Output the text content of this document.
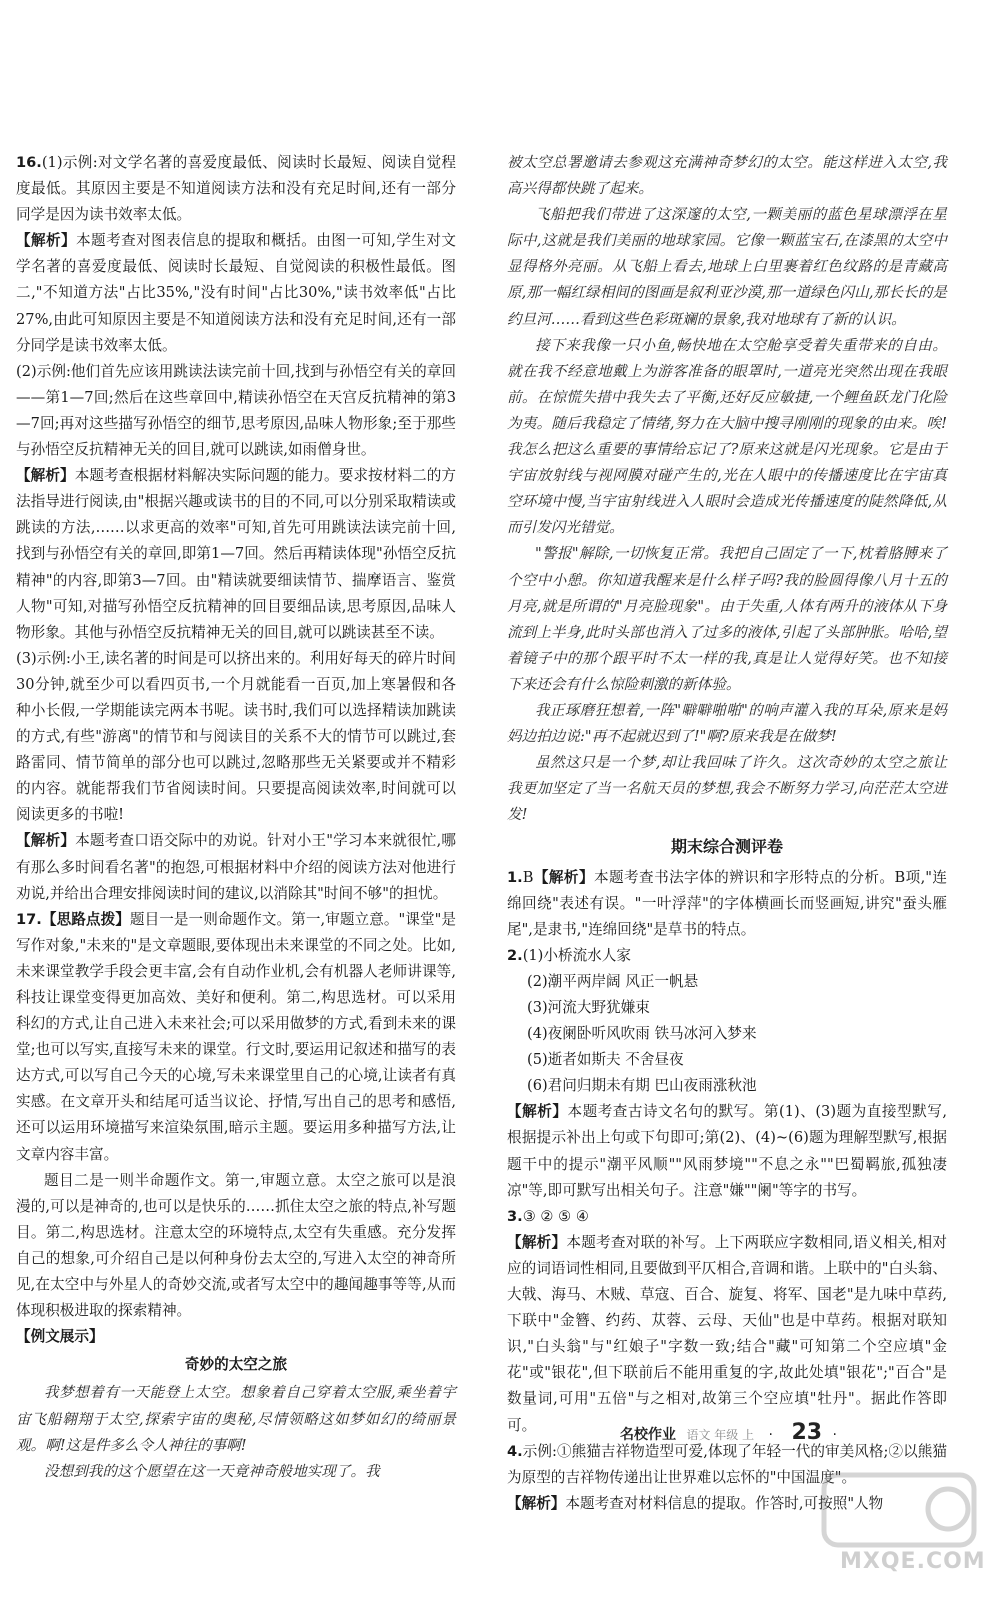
16.(1)示例:对文学名著的喜爱度最低、阅读时长最短、阅读自觉程度最低。其原因主要是不知道阅读方法和没有充足时间,还有一部分同学是因为读书效率太低。

【解析】本题考查对图表信息的提取和概括。由图一可知,学生对文学名著的喜爱度最低、阅读时长最短、自觉阅读的积极性最低。图二,"不知道方法"占比35%,"没有时间"占比30%,"读书效率低"占比27%,由此可知原因主要是不知道阅读方法和没有充足时间,还有一部分同学是读书效率太低。

(2)示例:他们首先应该用跳读法读完前十回,找到与孙悟空有关的章回——第1—7回;然后在这些章回中,精读孙悟空在天宫反抗精神的第3—7回;再对这些描写孙悟空的细节,思考原因,品味人物形象;至于那些与孙悟空反抗精神无关的回目,就可以跳读,如雨僧身世。

【解析】本题考查根据材料解决实际问题的能力。要求按材料二的方法指导进行阅读,由"根据兴趣或读书的目的不同,可以分别采取精读或跳读的方法,……以求更高的效率"可知,首先可用跳读法读完前十回,找到与孙悟空有关的章回,即第1—7回。然后再精读体现"孙悟空反抗精神"的内容,即第3—7回。由"精读就要细读情节、揣摩语言、鉴赏人物"可知,对描写孙悟空反抗精神的回目要细品读,思考原因,品味人物形象。其他与孙悟空反抗精神无关的回目,就可以跳读甚至不读。

(3)示例:小王,读名著的时间是可以挤出来的。利用好每天的碎片时间30分钟,就至少可以看四页书,一个月就能看一百页,加上寒暑假和各种小长假,一学期能读完两本书呢。读书时,我们可以选择精读加跳读的方式,有些"游离"的情节和与阅读目的关系不大的情节可以跳过,套路雷同、情节简单的部分也可以跳过,忽略那些无关紧要或并不精彩的内容。就能帮我们节省阅读时间。只要提高阅读效率,时间就可以阅读更多的书啦!

【解析】本题考查口语交际中的劝说。针对小王"学习本来就很忙,哪有那么多时间看名著"的抱怨,可根据材料中介绍的阅读方法对他进行劝说,并给出合理安排阅读时间的建议,以消除其"时间不够"的担忧。

17.【思路点拨】题目一是一则命题作文。第一,审题立意。"课堂"是写作对象,"未来的"是文章题眼,要体现出未来课堂的不同之处。比如,未来课堂教学手段会更丰富,会有自动作业机,会有机器人老师讲课等,科技让课堂变得更加高效、美好和便利。第二,构思选材。可以采用科幻的方式,让自己进入未来社会;可以采用做梦的方式,看到未来的课堂;也可以写实,直接写未来的课堂。行文时,要运用记叙述和描写的表达方式,可以写自己今天的心境,写未来课堂里自己的心境,让读者有真实感。在文章开头和结尾可适当议论、抒情,写出自己的思考和感悟,还可以运用环境描写来渲染氛围,暗示主题。要运用多种描写方法,让文章内容丰富。

题目二是一则半命题作文。第一,审题立意。太空之旅可以是浪漫的,可以是神奇的,也可以是快乐的……抓住太空之旅的特点,补写题目。第二,构思选材。注意太空的环境特点,太空有失重感。充分发挥自己的想象,可介绍自己是以何种身份去太空的,写进入太空的神奇所见,在太空中与外星人的奇妙交流,或者写太空中的趣闻趣事等等,从而体现积极进取的探索精神。

【例文展示】

奇妙的太空之旅

我梦想着有一天能登上太空。想象着自己穿着太空服,乘坐着宇宙飞船翱翔于太空,探索宇宙的奥秘,尽情领略这如梦如幻的绮丽景观。啊!这是件多么令人神往的事啊!

没想到我的这个愿望在这一天竟神奇般地实现了。我

被太空总署邀请去参观这充满神奇梦幻的太空。能这样进入太空,我高兴得都快跳了起来。

飞船把我们带进了这深邃的太空,一颗美丽的蓝色星球漂浮在星际中,这就是我们美丽的地球家园。它像一颗蓝宝石,在漆黑的太空中显得格外亮丽。从飞船上看去,地球上白里裹着红色纹路的是青藏高原,那一幅红绿相间的图画是叙利亚沙漠,那一道绿色闪山,那长长的是约旦河……看到这些色彩斑斓的景象,我对地球有了新的认识。

接下来我像一只小鱼,畅快地在太空舱享受着失重带来的自由。就在我不经意地戴上为游客准备的眼罩时,一道亮光突然出现在我眼前。在惊慌失措中我失去了平衡,还好反应敏捷,一个鲤鱼跃龙门化险为夷。随后我稳定了情绪,努力在大脑中搜寻刚刚的现象的由来。唉!我怎么把这么重要的事情给忘记了?原来这就是闪光现象。它是由于宇宙放射线与视网膜对碰产生的,光在人眼中的传播速度比在宇宙真空环境中慢,当宇宙射线进入人眼时会造成光传播速度的陡然降低,从而引发闪光错觉。

"警报"解除,一切恢复正常。我把自己固定了一下,枕着胳膊来了个空中小憩。你知道我醒来是什么样子吗?我的脸圆得像八月十五的月亮,就是所谓的"月亮脸现象"。由于失重,人体有两升的液体从下身流到上半身,此时头部也消入了过多的液体,引起了头部肿胀。哈哈,望着镜子中的那个跟平时不太一样的我,真是让人觉得好笑。也不知接下来还会有什么惊险刺激的新体验。

我正琢磨狂想着,一阵"噼噼啪啪"的响声灌入我的耳朵,原来是妈妈边拍边说:"再不起就迟到了!"啊?原来我是在做梦!

虽然这只是一个梦,却让我回味了许久。这次奇妙的太空之旅让我更加坚定了当一名航天员的梦想,我会不断努力学习,向茫茫太空进发!

期末综合测评卷

1.B【解析】本题考查书法字体的辨识和字形特点的分析。B项,"连绵回绕"表述有误。"一叶浮萍"的字体横画长而竖画短,讲究"蚕头雁尾",是隶书,"连绵回绕"是草书的特点。

2.(1)小桥流水人家

(2)潮平两岸阔 风正一帆悬

(3)河流大野犹嫌束

(4)夜阑卧听风吹雨 铁马冰河入梦来

(5)逝者如斯夫 不舍昼夜

(6)君问归期未有期 巴山夜雨涨秋池

【解析】本题考查古诗文名句的默写。第(1)、(3)题为直接型默写,根据提示补出上句或下句即可;第(2)、(4)~(6)题为理解型默写,根据题干中的提示"潮平风顺""风雨梦境""不息之永""巴蜀羁旅,孤独凄凉"等,即可默写出相关句子。注意"嫌""阑"等字的书写。

3.③ ② ⑤ ④

【解析】本题考查对联的补写。上下两联应字数相同,语义相关,相对应的词语词性相同,且要做到平仄相合,音调和谐。上联中的"白头翁、大戟、海马、木贼、草寇、百合、旋复、将军、国老"是九味中草药,下联中"金簪、约药、苁蓉、云母、天仙"也是中草药。根据对联知识,"白头翁"与"红娘子"字数一致;结合"藏"可知第二个空应填"金花"或"银花",但下联前后不能用重复的字,故此处填"银花";"百合"是数量词,可用"五倍"与之相对,故第三个空应填"牡丹"。据此作答即可。

4.示例:①熊猫吉祥物造型可爱,体现了年轻一代的审美风格;②以熊猫为原型的吉祥物传递出让世界难以忘怀的"中国温度"。

【解析】本题考查对材料信息的提取。作答时,可按照"人物

名校作业 语文 年级 上 · 23 ·
MXQE.COM
